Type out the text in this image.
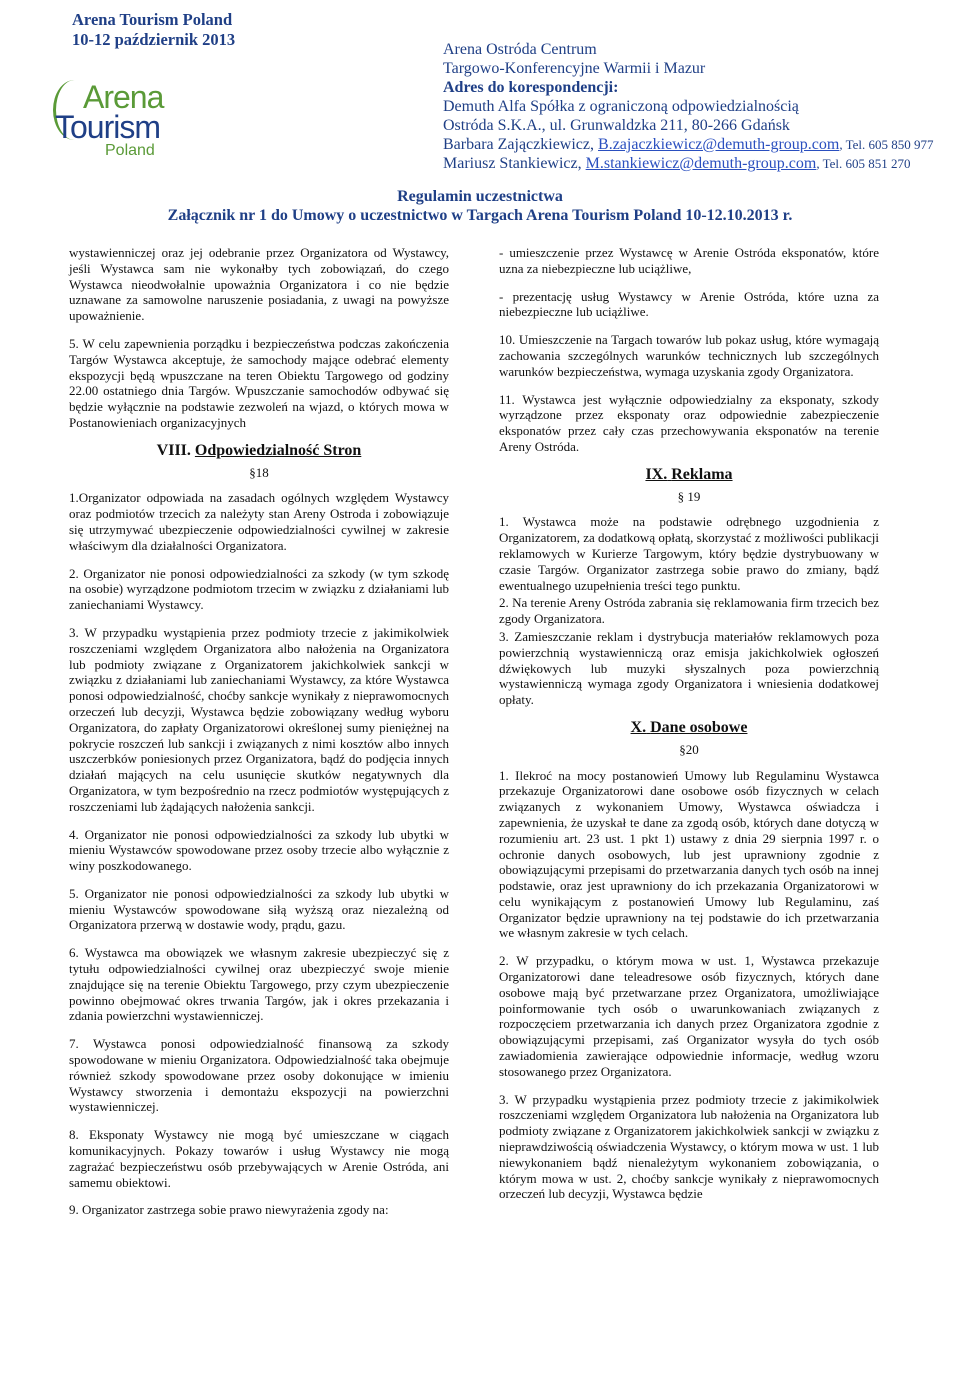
Arena Tourism Poland
10-12 październik 2013
Arena
Tourism
Poland
Arena Ostróda Centrum
Targowo-Konferencyjne Warmii i Mazur
Adres do korespondencji:
Demuth Alfa Spółka z ograniczoną odpowiedzialnością
Ostróda S.K.A., ul. Grunwaldzka 211, 80-266 Gdańsk
Barbara Zajączkiewicz, B.zajaczkiewicz@demuth-group.com, Tel. 605 850 977
Mariusz Stankiewicz, M.stankiewicz@demuth-group.com, Tel. 605 851 270
Regulamin uczestnictwa
Załącznik nr 1 do Umowy o uczestnictwo w Targach Arena Tourism Poland 10-12.10.2013 r.

wystawienniczej oraz jej odebranie przez Organizatora od Wystawcy, jeśli Wystawca sam nie wykonałby tych zobowiązań, do czego Wystawca nieodwołalnie upoważnia Organizatora i co nie będzie uznawane za samowolne naruszenie posiadania, z uwagi na powyższe upoważnienie.

5. W celu zapewnienia porządku i bezpieczeństwa podczas zakończenia Targów Wystawca akceptuje, że samochody mające odebrać elementy ekspozycji będą wpuszczane na teren Obiektu Targowego od godziny 22.00 ostatniego dnia Targów. Wpuszczanie samochodów odbywać się będzie wyłącznie na podstawie zezwoleń na wjazd, o których mowa w Postanowieniach organizacyjnych

VIII. Odpowiedzialność Stron
§18

1.Organizator odpowiada na zasadach ogólnych względem Wystawcy oraz podmiotów trzecich za należyty stan Areny Ostroda i zobowiązuje się utrzymywać ubezpieczenie odpowiedzialności cywilnej w zakresie właściwym dla działalności Organizatora.

2. Organizator nie ponosi odpowiedzialności za szkody (w tym szkodę na osobie) wyrządzone podmiotom trzecim w związku z działaniami lub zaniechaniami Wystawcy.

3. W przypadku wystąpienia przez podmioty trzecie z jakimikolwiek roszczeniami względem Organizatora albo nałożenia na Organizatora lub podmioty związane z Organizatorem jakichkolwiek sankcji w związku z działaniami lub zaniechaniami Wystawcy, za które Wystawca ponosi odpowiedzialność, choćby sankcje wynikały z nieprawomocnych orzeczeń lub decyzji, Wystawca będzie zobowiązany według wyboru Organizatora, do zapłaty Organizatorowi określonej sumy pieniężnej na pokrycie roszczeń lub sankcji i związanych z nimi kosztów albo innych uszczerbków poniesionych przez Organizatora, bądź do podjęcia innych działań mających na celu usunięcie skutków negatywnych dla Organizatora, w tym bezpośrednio na rzecz podmiotów występujących z roszczeniami lub żądających nałożenia sankcji.

4. Organizator nie ponosi odpowiedzialności za szkody lub ubytki w mieniu Wystawców spowodowane przez osoby trzecie albo wyłącznie z winy poszkodowanego.

5. Organizator nie ponosi odpowiedzialności za szkody lub ubytki w mieniu Wystawców spowodowane siłą wyższą oraz niezależną od Organizatora przerwą w dostawie wody, prądu, gazu.

6. Wystawca ma obowiązek we własnym zakresie ubezpieczyć się z tytułu odpowiedzialności cywilnej oraz ubezpieczyć swoje mienie znajdujące się na terenie Obiektu Targowego, przy czym ubezpieczenie powinno obejmować okres trwania Targów, jak i okres przekazania i zdania powierzchni wystawienniczej.

7. Wystawca ponosi odpowiedzialność finansową za szkody spowodowane w mieniu Organizatora. Odpowiedzialność taka obejmuje również szkody spowodowane przez osoby dokonujące w imieniu Wystawcy stworzenia i demontażu ekspozycji na powierzchni wystawienniczej.

8. Eksponaty Wystawcy nie mogą być umieszczane w ciągach komunikacyjnych. Pokazy towarów i usług Wystawcy nie mogą zagrażać bezpieczeństwu osób przebywających w Arenie Ostróda, ani samemu obiektowi.

9. Organizator zastrzega sobie prawo niewyrażenia zgody na:

- umieszczenie przez Wystawcę w Arenie Ostróda eksponatów, które uzna za niebezpieczne lub uciążliwe,

- prezentację usług Wystawcy w Arenie Ostróda, które uzna za niebezpieczne lub uciążliwe.

10. Umieszczenie na Targach towarów lub pokaz usług, które wymagają zachowania szczególnych warunków technicznych lub szczególnych warunków bezpieczeństwa, wymaga uzyskania zgody Organizatora.

11. Wystawca jest wyłącznie odpowiedzialny za eksponaty, szkody wyrządzone przez eksponaty oraz odpowiednie zabezpieczenie eksponatów przez cały czas przechowywania eksponatów na terenie Areny Ostróda.

IX. Reklama
§ 19

1. Wystawca może na podstawie odrębnego uzgodnienia z Organizatorem, za dodatkową opłatą, skorzystać z możliwości publikacji reklamowych w Kurierze Targowym, który będzie dystrybuowany w czasie Targów. Organizator zastrzega sobie prawo do zmiany, bądź ewentualnego uzupełnienia treści tego punktu.

2. Na terenie Areny Ostróda zabrania się reklamowania firm trzecich bez zgody Organizatora.

3. Zamieszczanie reklam i dystrybucja materiałów reklamowych poza powierzchnią wystawienniczą oraz emisja jakichkolwiek ogłoszeń dźwiękowych lub muzyki słyszalnych poza powierzchnią wystawienniczą wymaga zgody Organizatora i wniesienia dodatkowej opłaty.

X. Dane osobowe
§20

1. Ilekroć na mocy postanowień Umowy lub Regulaminu Wystawca przekazuje Organizatorowi dane osobowe osób fizycznych w celach związanych z wykonaniem Umowy, Wystawca oświadcza i zapewnienia, że uzyskał te dane za zgodą osób, których dane dotyczą w rozumieniu art. 23 ust. 1 pkt 1) ustawy z dnia 29 sierpnia 1997 r. o ochronie danych osobowych, lub jest uprawniony zgodnie z obowiązującymi przepisami do przetwarzania danych tych osób na innej podstawie, oraz jest uprawniony do ich przekazania Organizatorowi w celu wynikającym z postanowień Umowy lub Regulaminu, zaś Organizator będzie uprawniony na tej podstawie do ich przetwarzania we własnym zakresie w tych celach.

2. W przypadku, o którym mowa w ust. 1, Wystawca przekazuje Organizatorowi dane teleadresowe osób fizycznych, których dane osobowe mają być przetwarzane przez Organizatora, umożliwiające poinformowanie tych osób o uwarunkowaniach związanych z rozpoczęciem przetwarzania ich danych przez Organizatora zgodnie z obowiązującymi przepisami, zaś Organizator wysyła do tych osób zawiadomienia zawierające odpowiednie informacje, według wzoru stosowanego przez Organizatora.

3. W przypadku wystąpienia przez podmioty trzecie z jakimikolwiek roszczeniami względem Organizatora lub nałożenia na Organizatora lub podmioty związane z Organizatorem jakichkolwiek sankcji w związku z nieprawdziwością oświadczenia Wystawcy, o którym mowa w ust. 1 lub niewykonaniem bądź nienależytym wykonaniem zobowiązania, o którym mowa w ust. 2, choćby sankcje wynikały z nieprawomocnych orzeczeń lub decyzji, Wystawca będzie
